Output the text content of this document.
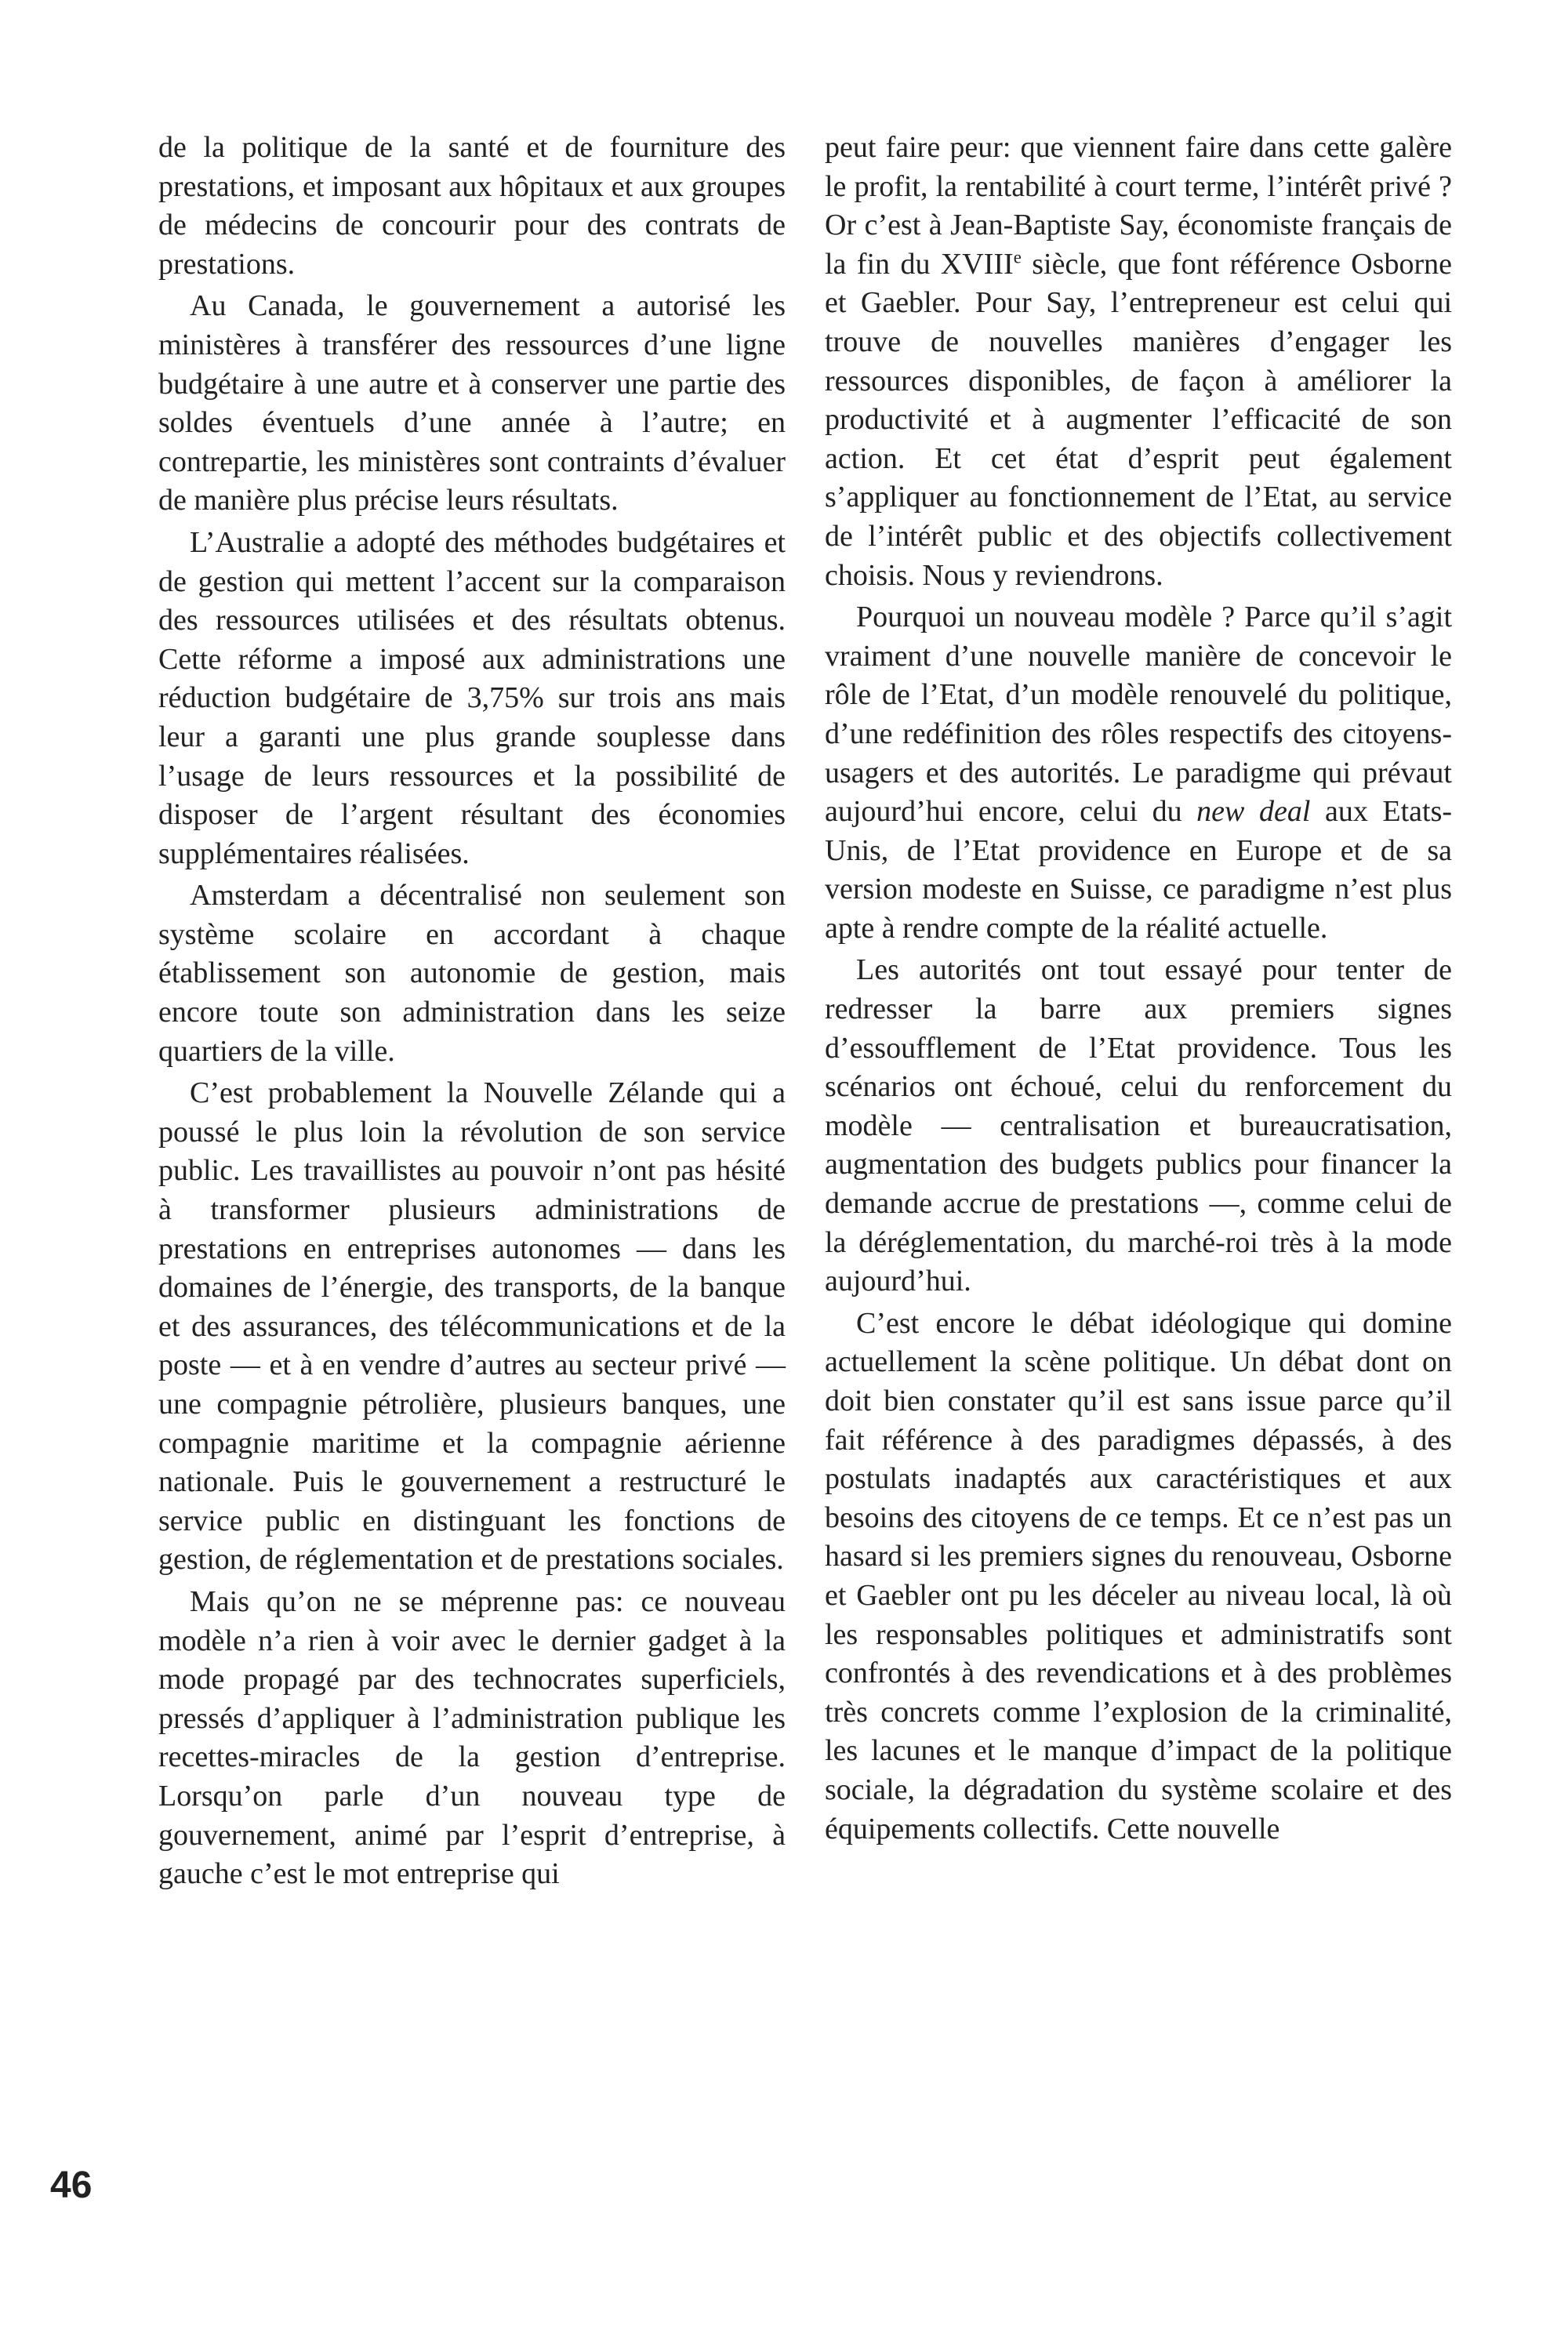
de la politique de la santé et de fourniture des prestations, et imposant aux hôpitaux et aux groupes de médecins de concourir pour des contrats de prestations.

Au Canada, le gouvernement a autorisé les ministères à transférer des ressources d’une ligne budgétaire à une autre et à conserver une partie des soldes éventuels d’une année à l’autre; en contrepartie, les ministères sont contraints d’évaluer de manière plus précise leurs résultats.

L’Australie a adopté des méthodes budgétaires et de gestion qui mettent l’accent sur la comparaison des ressources utilisées et des résultats obtenus. Cette réforme a imposé aux administrations une réduction budgétaire de 3,75% sur trois ans mais leur a garanti une plus grande souplesse dans l’usage de leurs ressources et la possibilité de disposer de l’argent résultant des économies supplémentaires réalisées.

Amsterdam a décentralisé non seulement son système scolaire en accordant à chaque établissement son autonomie de gestion, mais encore toute son administration dans les seize quartiers de la ville.

C’est probablement la Nouvelle Zélande qui a poussé le plus loin la révolution de son service public. Les travaillistes au pouvoir n’ont pas hésité à transformer plusieurs administrations de prestations en entreprises autonomes — dans les domaines de l’énergie, des transports, de la banque et des assurances, des télécommunications et de la poste — et à en vendre d’autres au secteur privé — une compagnie pétrolière, plusieurs banques, une compagnie maritime et la compagnie aérienne nationale. Puis le gouvernement a restructuré le service public en distinguant les fonctions de gestion, de réglementation et de prestations sociales.

Mais qu’on ne se méprenne pas: ce nouveau modèle n’a rien à voir avec le dernier gadget à la mode propagé par des technocrates superficiels, pressés d’appliquer à l’administration publique les recettes-miracles de la gestion d’entreprise. Lorsqu’on parle d’un nouveau type de gouvernement, animé par l’esprit d’entreprise, à gauche c’est le mot entreprise qui

peut faire peur: que viennent faire dans cette galère le profit, la rentabilité à court terme, l’intérêt privé ? Or c’est à Jean-Baptiste Say, économiste français de la fin du XVIIIe siècle, que font référence Osborne et Gaebler. Pour Say, l’entrepreneur est celui qui trouve de nouvelles manières d’engager les ressources disponibles, de façon à améliorer la productivité et à augmenter l’efficacité de son action. Et cet état d’esprit peut également s’appliquer au fonctionnement de l’Etat, au service de l’intérêt public et des objectifs collectivement choisis. Nous y reviendrons.

Pourquoi un nouveau modèle ? Parce qu’il s’agit vraiment d’une nouvelle manière de concevoir le rôle de l’Etat, d’un modèle renouvelé du politique, d’une redéfinition des rôles respectifs des citoyens-usagers et des autorités. Le paradigme qui prévaut aujourd’hui encore, celui du new deal aux Etats-Unis, de l’Etat providence en Europe et de sa version modeste en Suisse, ce paradigme n’est plus apte à rendre compte de la réalité actuelle.

Les autorités ont tout essayé pour tenter de redresser la barre aux premiers signes d’essoufflement de l’Etat providence. Tous les scénarios ont échoué, celui du renforcement du modèle — centralisation et bureaucratisation, augmentation des budgets publics pour financer la demande accrue de prestations —, comme celui de la déréglementation, du marché-roi très à la mode aujourd’hui.

C’est encore le débat idéologique qui domine actuellement la scène politique. Un débat dont on doit bien constater qu’il est sans issue parce qu’il fait référence à des paradigmes dépassés, à des postulats inadaptés aux caractéristiques et aux besoins des citoyens de ce temps. Et ce n’est pas un hasard si les premiers signes du renouveau, Osborne et Gaebler ont pu les déceler au niveau local, là où les responsables politiques et administratifs sont confrontés à des revendications et à des problèmes très concrets comme l’explosion de la criminalité, les lacunes et le manque d’impact de la politique sociale, la dégradation du système scolaire et des équipements collectifs. Cette nouvelle

46
